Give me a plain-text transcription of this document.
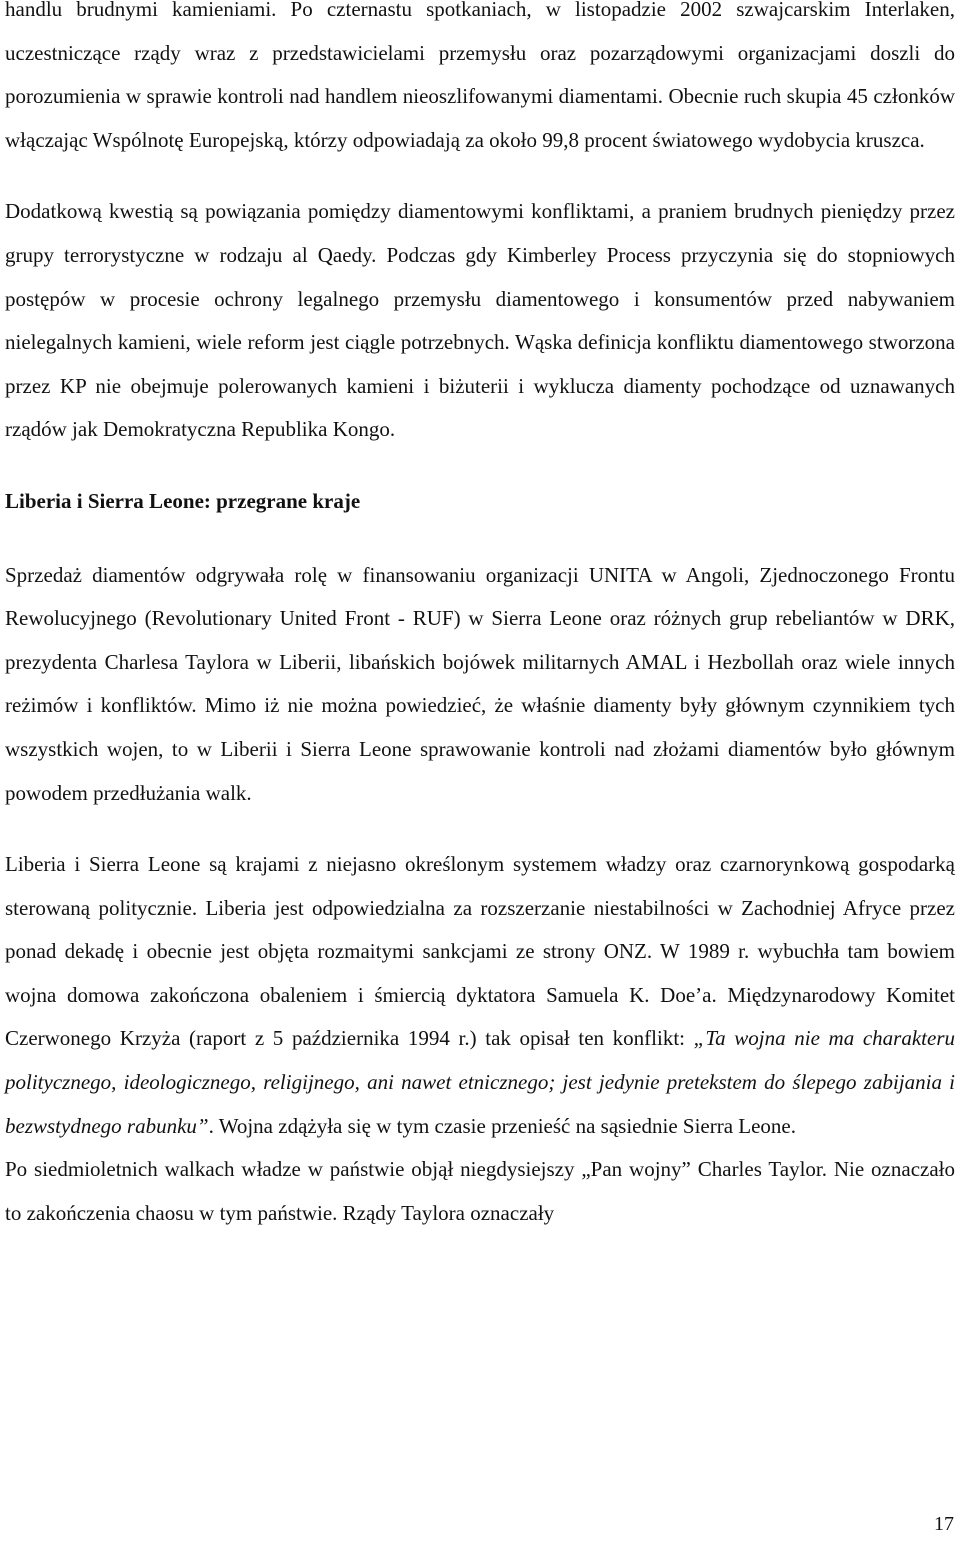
handlu brudnymi kamieniami. Po czternastu spotkaniach, w listopadzie 2002 szwajcarskim Interlaken, uczestniczące rządy wraz z przedstawicielami przemysłu oraz pozarządowymi organizacjami doszli do porozumienia w sprawie kontroli nad handlem nieoszlifowanymi diamentami. Obecnie ruch skupia 45 członków włączając Wspólnotę Europejską, którzy odpowiadają za około 99,8 procent światowego wydobycia kruszca.

Dodatkową kwestią są powiązania pomiędzy diamentowymi konfliktami, a praniem brudnych pieniędzy przez grupy terrorystyczne w rodzaju al Qaedy. Podczas gdy Kimberley Process przyczynia się do stopniowych postępów w procesie ochrony legalnego przemysłu diamentowego i konsumentów przed nabywaniem nielegalnych kamieni, wiele reform jest ciągle potrzebnych. Wąska definicja konfliktu diamentowego stworzona przez KP nie obejmuje polerowanych kamieni i biżuterii i wyklucza diamenty pochodzące od uznawanych rządów jak Demokratyczna Republika Kongo.

Liberia i Sierra Leone: przegrane kraje

Sprzedaż diamentów odgrywała rolę w finansowaniu organizacji UNITA w Angoli, Zjednoczonego Frontu Rewolucyjnego (Revolutionary United Front - RUF) w Sierra Leone oraz różnych grup rebeliantów w DRK, prezydenta Charlesa Taylora w Liberii, libańskich bojówek militarnych AMAL i Hezbollah oraz wiele innych reżimów i konfliktów. Mimo iż nie można powiedzieć, że właśnie diamenty były głównym czynnikiem tych wszystkich wojen, to w Liberii i Sierra Leone sprawowanie kontroli nad złożami diamentów było głównym powodem przedłużania walk.

Liberia i Sierra Leone są krajami z niejasno określonym systemem władzy oraz czarnorynkową gospodarką sterowaną politycznie. Liberia jest odpowiedzialna za rozszerzanie niestabilności w Zachodniej Afryce przez ponad dekadę i obecnie jest objęta rozmaitymi sankcjami ze strony ONZ. W 1989 r. wybuchła tam bowiem wojna domowa zakończona obaleniem i śmiercią dyktatora Samuela K. Doe’a. Międzynarodowy Komitet Czerwonego Krzyża (raport z 5 października 1994 r.) tak opisał ten konflikt: „Ta wojna nie ma charakteru politycznego, ideologicznego, religijnego, ani nawet etnicznego; jest jedynie pretekstem do ślepego zabijania i bezwstydnego rabunku”. Wojna zdążyła się w tym czasie przenieść na sąsiednie Sierra Leone.
Po siedmioletnich walkach władze w państwie objął niegdysiejszy „Pan wojny” Charles Taylor. Nie oznaczało to zakończenia chaosu w tym państwie. Rządy Taylora oznaczały

17
